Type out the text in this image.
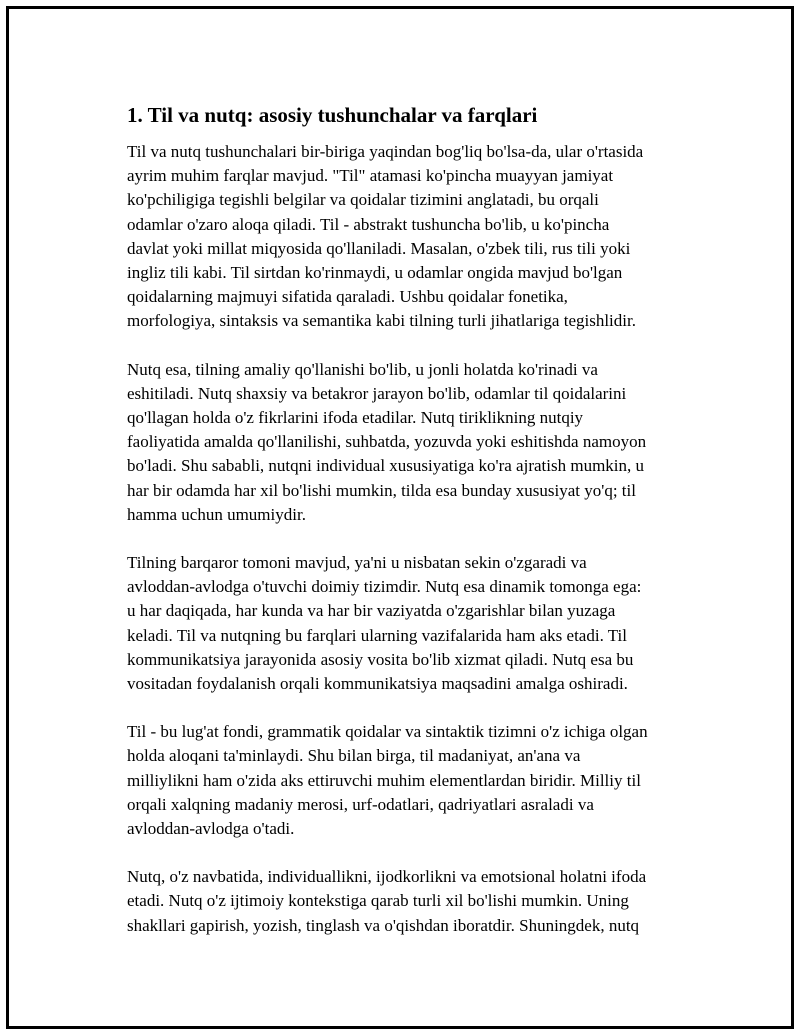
1. Til va nutq: asosiy tushunchalar va farqlari

Til va nutq tushunchalari bir-biriga yaqindan bog'liq bo'lsa-da, ular o'rtasida
ayrim muhim farqlar mavjud. "Til" atamasi ko'pincha muayyan jamiyat
ko'pchiligiga tegishli belgilar va qoidalar tizimini anglatadi, bu orqali
odamlar o'zaro aloqa qiladi. Til - abstrakt tushuncha bo'lib, u ko'pincha
davlat yoki millat miqyosida qo'llaniladi. Masalan, o'zbek tili, rus tili yoki
ingliz tili kabi. Til sirtdan ko'rinmaydi, u odamlar ongida mavjud bo'lgan
qoidalarning majmuyi sifatida qaraladi. Ushbu qoidalar fonetika,
morfologiya, sintaksis va semantika kabi tilning turli jihatlariga tegishlidir.

Nutq esa, tilning amaliy qo'llanishi bo'lib, u jonli holatda ko'rinadi va
eshitiladi. Nutq shaxsiy va betakror jarayon bo'lib, odamlar til qoidalarini
qo'llagan holda o'z fikrlarini ifoda etadilar. Nutq tiriklikning nutqiy
faoliyatida amalda qo'llanilishi, suhbatda, yozuvda yoki eshitishda namoyon
bo'ladi. Shu sababli, nutqni individual xususiyatiga ko'ra ajratish mumkin, u
har bir odamda har xil bo'lishi mumkin, tilda esa bunday xususiyat yo'q; til
hamma uchun umumiydir.

Tilning barqaror tomoni mavjud, ya'ni u nisbatan sekin o'zgaradi va
avloddan-avlodga o'tuvchi doimiy tizimdir. Nutq esa dinamik tomonga ega:
u har daqiqada, har kunda va har bir vaziyatda o'zgarishlar bilan yuzaga
keladi. Til va nutqning bu farqlari ularning vazifalarida ham aks etadi. Til
kommunikatsiya jarayonida asosiy vosita bo'lib xizmat qiladi. Nutq esa bu
vositadan foydalanish orqali kommunikatsiya maqsadini amalga oshiradi.

Til - bu lug'at fondi, grammatik qoidalar va sintaktik tizimni o'z ichiga olgan
holda aloqani ta'minlaydi. Shu bilan birga, til madaniyat, an'ana va
milliylikni ham o'zida aks ettiruvchi muhim elementlardan biridir. Milliy til
orqali xalqning madaniy merosi, urf-odatlari, qadriyatlari asraladi va
avloddan-avlodga o'tadi.

Nutq, o'z navbatida, individuallikni, ijodkorlikni va emotsional holatni ifoda
etadi. Nutq o'z ijtimoiy kontekstiga qarab turli xil bo'lishi mumkin. Uning
shakllari gapirish, yozish, tinglash va o'qishdan iboratdir. Shuningdek, nutq
